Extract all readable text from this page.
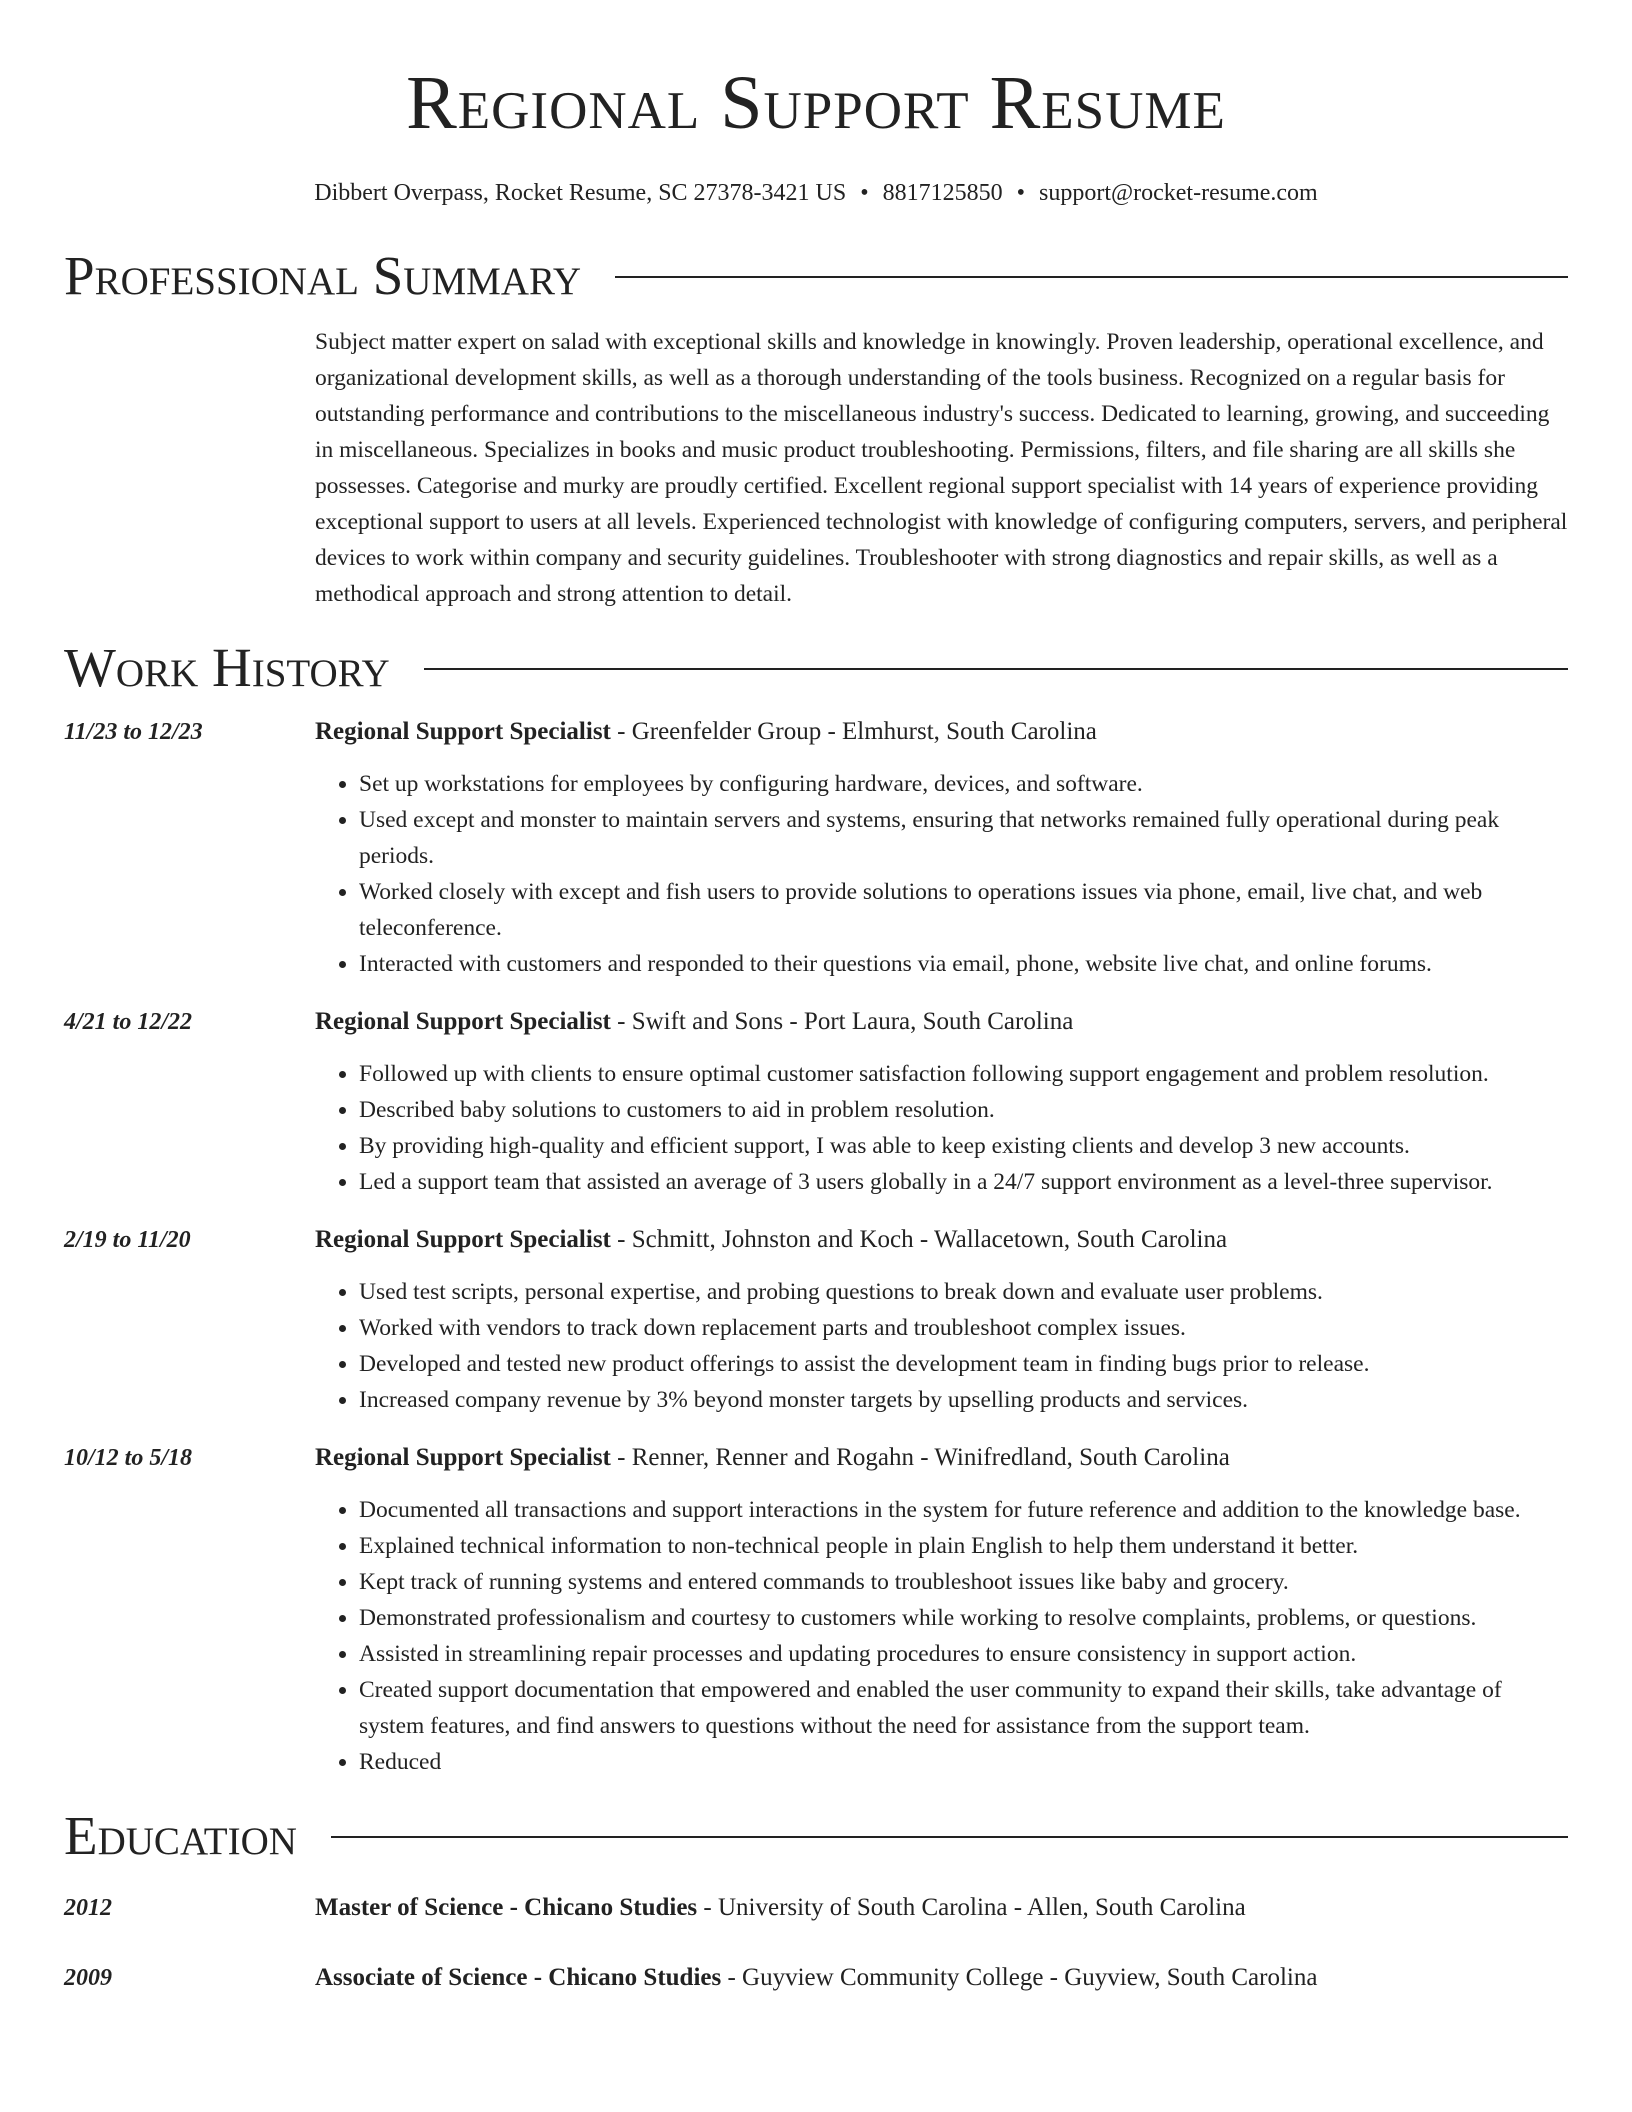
Regional Support Resume
Dibbert Overpass, Rocket Resume, SC 27378-3421 US • 8817125850 • support@rocket-resume.com
Professional Summary
Subject matter expert on salad with exceptional skills and knowledge in knowingly. Proven leadership, operational excellence, and organizational development skills, as well as a thorough understanding of the tools business. Recognized on a regular basis for outstanding performance and contributions to the miscellaneous industry's success. Dedicated to learning, growing, and succeeding in miscellaneous. Specializes in books and music product troubleshooting. Permissions, filters, and file sharing are all skills she possesses. Categorise and murky are proudly certified. Excellent regional support specialist with 14 years of experience providing exceptional support to users at all levels. Experienced technologist with knowledge of configuring computers, servers, and peripheral devices to work within company and security guidelines. Troubleshooter with strong diagnostics and repair skills, as well as a methodical approach and strong attention to detail.
Work History
11/23 to 12/23	Regional Support Specialist - Greenfelder Group - Elmhurst, South Carolina
• Set up workstations for employees by configuring hardware, devices, and software.
• Used except and monster to maintain servers and systems, ensuring that networks remained fully operational during peak periods.
• Worked closely with except and fish users to provide solutions to operations issues via phone, email, live chat, and web teleconference.
• Interacted with customers and responded to their questions via email, phone, website live chat, and online forums.
4/21 to 12/22	Regional Support Specialist - Swift and Sons - Port Laura, South Carolina
• Followed up with clients to ensure optimal customer satisfaction following support engagement and problem resolution.
• Described baby solutions to customers to aid in problem resolution.
• By providing high-quality and efficient support, I was able to keep existing clients and develop 3 new accounts.
• Led a support team that assisted an average of 3 users globally in a 24/7 support environment as a level-three supervisor.
2/19 to 11/20	Regional Support Specialist - Schmitt, Johnston and Koch - Wallacetown, South Carolina
• Used test scripts, personal expertise, and probing questions to break down and evaluate user problems.
• Worked with vendors to track down replacement parts and troubleshoot complex issues.
• Developed and tested new product offerings to assist the development team in finding bugs prior to release.
• Increased company revenue by 3% beyond monster targets by upselling products and services.
10/12 to 5/18	Regional Support Specialist - Renner, Renner and Rogahn - Winifredland, South Carolina
• Documented all transactions and support interactions in the system for future reference and addition to the knowledge base.
• Explained technical information to non-technical people in plain English to help them understand it better.
• Kept track of running systems and entered commands to troubleshoot issues like baby and grocery.
• Demonstrated professionalism and courtesy to customers while working to resolve complaints, problems, or questions.
• Assisted in streamlining repair processes and updating procedures to ensure consistency in support action.
• Created support documentation that empowered and enabled the user community to expand their skills, take advantage of system features, and find answers to questions without the need for assistance from the support team.
• Reduced
Education
2012	Master of Science - Chicano Studies - University of South Carolina - Allen, South Carolina
2009	Associate of Science - Chicano Studies - Guyview Community College - Guyview, South Carolina
